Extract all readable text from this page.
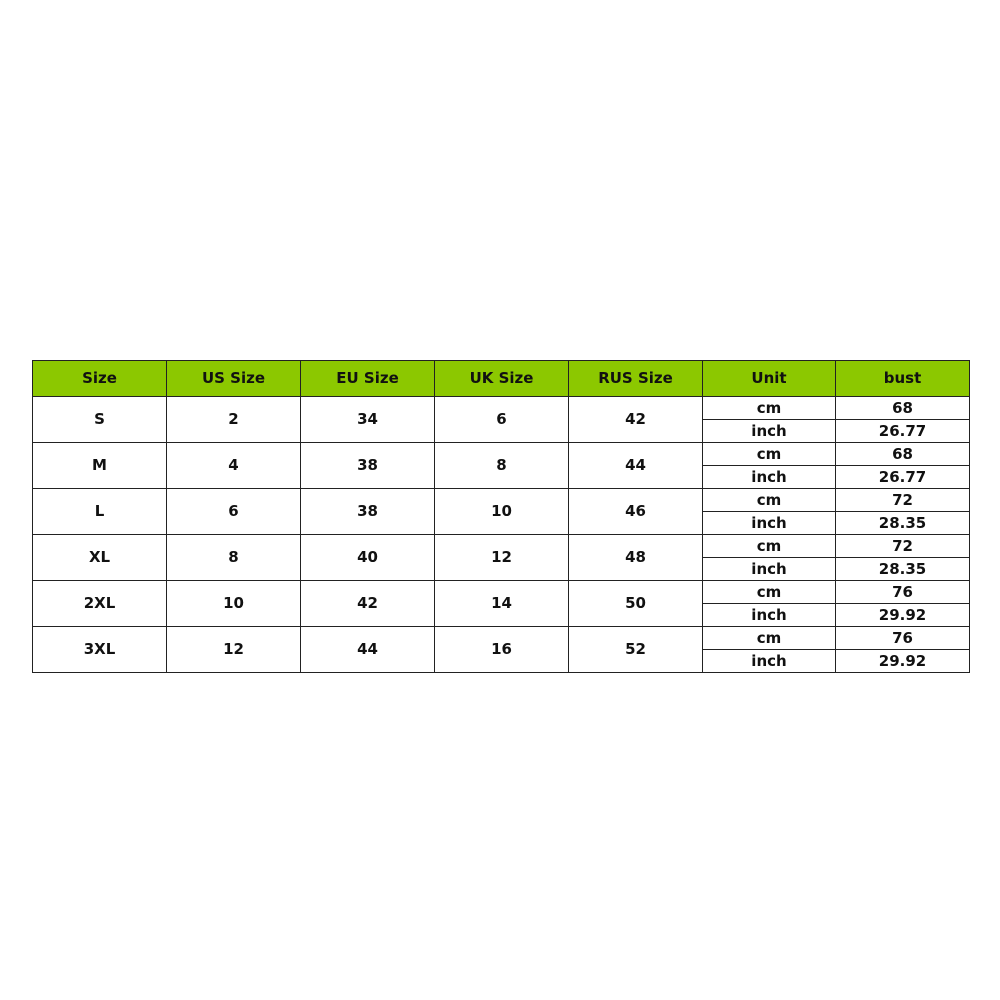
Size	US Size	EU Size	UK Size	RUS Size	Unit	bust
S	2	34	6	42	cm	68
					inch	26.77
M	4	38	8	44	cm	68
					inch	26.77
L	6	38	10	46	cm	72
					inch	28.35
XL	8	40	12	48	cm	72
					inch	28.35
2XL	10	42	14	50	cm	76
					inch	29.92
3XL	12	44	16	52	cm	76
					inch	29.92
